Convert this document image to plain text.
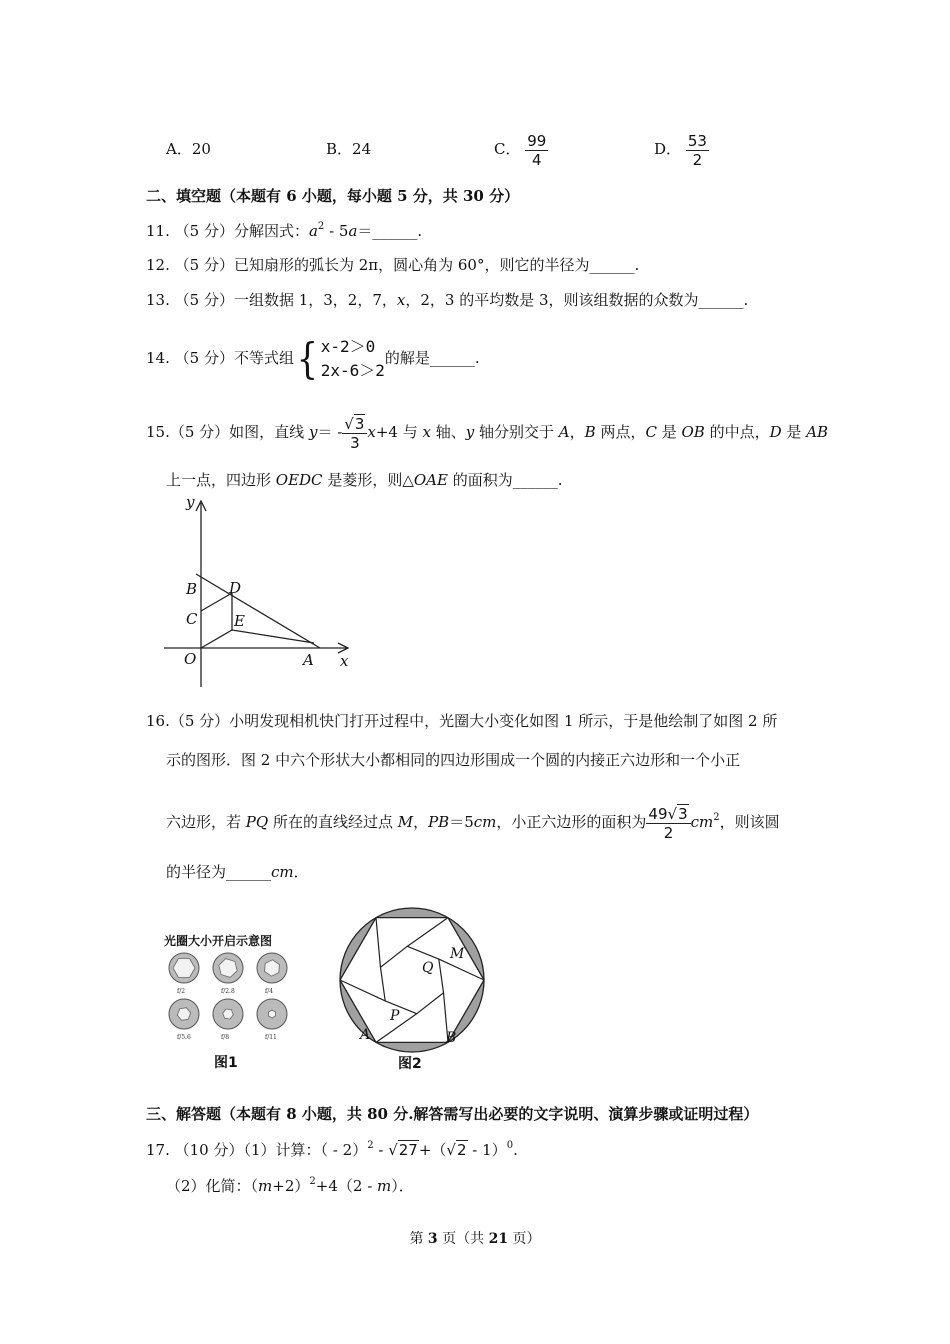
A．20	B．24	C． $\frac{99}{4}$	D． $\frac{53}{2}$
二、填空题（本题有 6 小题，每小题 5 分，共 30 分）
11. （5 分）分解因式：$a^2$ - 5a＝______.
12. （5 分）已知扇形的弧长为 2π，圆心角为 60°，则它的半径为______.
13. （5 分）一组数据 1，3，2，7，x，2，3 的平均数是 3，则该组数据的众数为______.
14. （5 分）不等式组 { x-2＞0
2x-6＞2
的解是______.
15.（5 分）如图，直线 $y= - \frac{√3}{3} x+4$ 与 x 轴、y 轴分别交于 A，B 两点，C 是 OB 的中点，D 是 AB
上一点，四边形 OEDC 是菱形，则△OAE 的面积为______.
y
x
B D
C E
O	A
16.（5 分）小明发现相机快门打开过程中，光圈大小变化如图 1 所示，于是他绘制了如图 2 所
示的图形．图 2 中六个形状大小都相同的四边形围成一个圆的内接正六边形和一个小正
六边形，若 PQ 所在的直线经过点 M，PB＝5cm，小正六边形的面积为 $\frac{49√3}{2} cm^2$，则该圆
的半径为______cm．
光圈大小开启示意图
f/2	f/2.8	f/4
f/5.6	f/8	f/11
图1
M
Q
P
A	B
图2
三、解答题（本题有 8 小题，共 80 分.解答需写出必要的文字说明、演算步骤或证明过程）
17. （10 分）（1）计算：（ - 2）$^2$ - √27+（√2 - 1）$^0$.
（2）化简：$(m+2)^2+4(2 - m)$．
第 3 页（共 21 页）
